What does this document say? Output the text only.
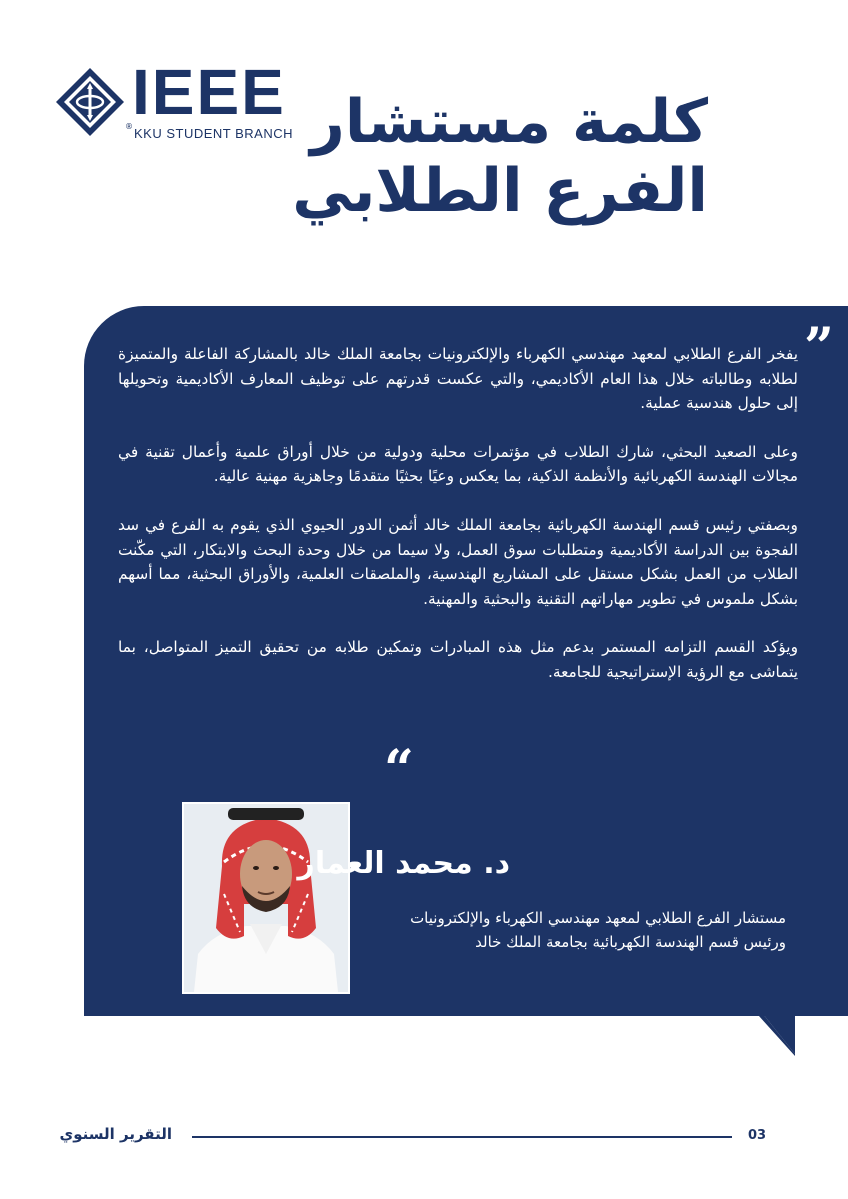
IEEE
® KKU STUDENT BRANCH كلمة مستشار
الفرع الطلابي
”

يفخر الفرع الطلابي لمعهد مهندسي الكهرباء والإلكترونيات بجامعة الملك خالد بالمشاركة الفاعلة والمتميزة لطلابه وطالباته خلال هذا العام الأكاديمي، والتي عكست قدرتهم على توظيف المعارف الأكاديمية وتحويلها إلى حلول هندسية عملية.

وعلى الصعيد البحثي، شارك الطلاب في مؤتمرات محلية ودولية من خلال أوراق علمية وأعمال تقنية في مجالات الهندسة الكهربائية والأنظمة الذكية، بما يعكس وعيًا بحثيًا متقدمًا وجاهزية مهنية عالية.

وبصفتي رئيس قسم الهندسة الكهربائية بجامعة الملك خالد أثمن الدور الحيوي الذي يقوم به الفرع في سد الفجوة بين الدراسة الأكاديمية ومتطلبات سوق العمل، ولا سيما من خلال وحدة البحث والابتكار، التي مكّنت الطلاب من العمل بشكل مستقل على المشاريع الهندسية، والملصقات العلمية، والأوراق البحثية، مما أسهم بشكل ملموس في تطوير مهاراتهم التقنية والبحثية والمهنية.

ويؤكد القسم التزامه المستمر بدعم مثل هذه المبادرات وتمكين طلابه من تحقيق التميز المتواصل، بما يتماشى مع الرؤية الإستراتيجية للجامعة.

“
د. محمد العمار
مستشار الفرع الطلابي لمعهد مهندسي الكهرباء والإلكترونيات
ورئيس قسم الهندسة الكهربائية بجامعة الملك خالد
التقرير السنوي	03
